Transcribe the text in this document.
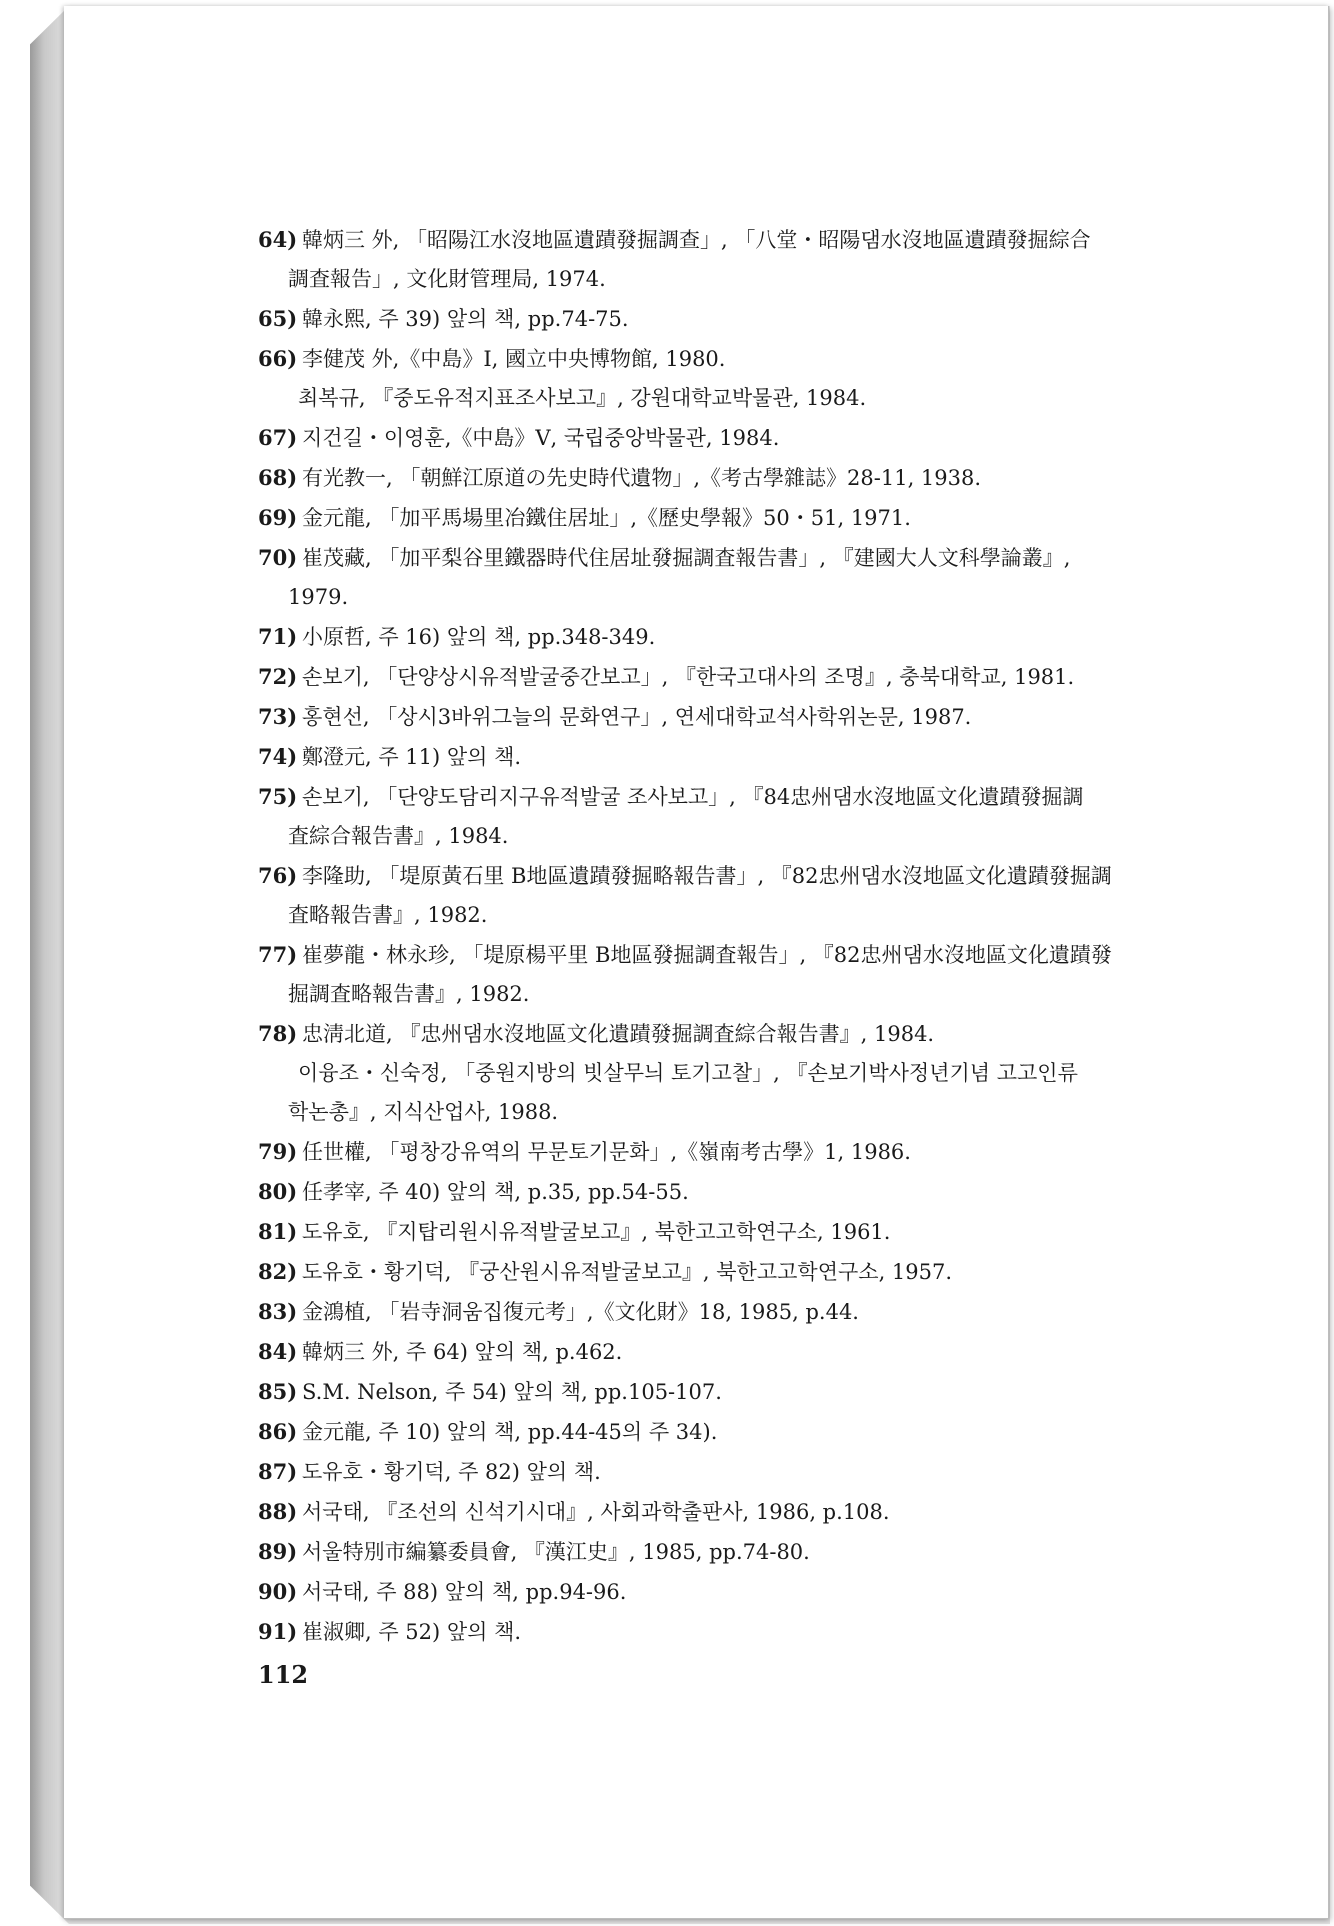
64) 韓炳三 外, 「昭陽江水沒地區遺蹟發掘調查」, 「八堂・昭陽댐水沒地區遺蹟發掘綜合
調査報告」, 文化財管理局, 1974.
65) 韓永熙, 주 39) 앞의 책, pp.74-75.
66) 李健茂 外,《中島》Ⅰ, 國立中央博物館, 1980.
최복규, 『중도유적지표조사보고』, 강원대학교박물관, 1984.
67) 지건길・이영훈,《中島》Ⅴ, 국립중앙박물관, 1984.
68) 有光教一, 「朝鮮江原道の先史時代遺物」,《考古學雜誌》28-11, 1938.
69) 金元龍, 「加平馬場里冶鐵住居址」,《歷史學報》50・51, 1971.
70) 崔茂藏, 「加平梨谷里鐵器時代住居址發掘調査報告書」, 『建國大人文科學論叢』,
1979.
71) 小原哲, 주 16) 앞의 책, pp.348-349.
72) 손보기, 「단양상시유적발굴중간보고」, 『한국고대사의 조명』, 충북대학교, 1981.
73) 홍현선, 「상시3바위그늘의 문화연구」, 연세대학교석사학위논문, 1987.
74) 鄭澄元, 주 11) 앞의 책.
75) 손보기, 「단양도담리지구유적발굴 조사보고」, 『84忠州댐水沒地區文化遺蹟發掘調
査綜合報告書』, 1984.
76) 李隆助, 「堤原黃石里 B地區遺蹟發掘略報告書」, 『82忠州댐水沒地區文化遺蹟發掘調
査略報告書』, 1982.
77) 崔夢龍・林永珍, 「堤原楊平里 B地區發掘調査報告」, 『82忠州댐水沒地區文化遺蹟發
掘調査略報告書』, 1982.
78) 忠淸北道, 『忠州댐水沒地區文化遺蹟發掘調査綜合報告書』, 1984.
이융조・신숙정, 「중원지방의 빗살무늬 토기고찰」, 『손보기박사정년기념 고고인류
학논총』, 지식산업사, 1988.
79) 任世權, 「평창강유역의 무문토기문화」,《嶺南考古學》1, 1986.
80) 任孝宰, 주 40) 앞의 책, p.35, pp.54-55.
81) 도유호, 『지탑리원시유적발굴보고』, 북한고고학연구소, 1961.
82) 도유호・황기덕, 『궁산원시유적발굴보고』, 북한고고학연구소, 1957.
83) 金鴻植, 「岩寺洞움집復元考」,《文化財》18, 1985, p.44.
84) 韓炳三 外, 주 64) 앞의 책, p.462.
85) S.M. Nelson, 주 54) 앞의 책, pp.105-107.
86) 金元龍, 주 10) 앞의 책, pp.44-45의 주 34).
87) 도유호・황기덕, 주 82) 앞의 책.
88) 서국태, 『조선의 신석기시대』, 사회과학출판사, 1986, p.108.
89) 서울特別市編纂委員會, 『漢江史』, 1985, pp.74-80.
90) 서국태, 주 88) 앞의 책, pp.94-96.
91) 崔淑卿, 주 52) 앞의 책.
112
